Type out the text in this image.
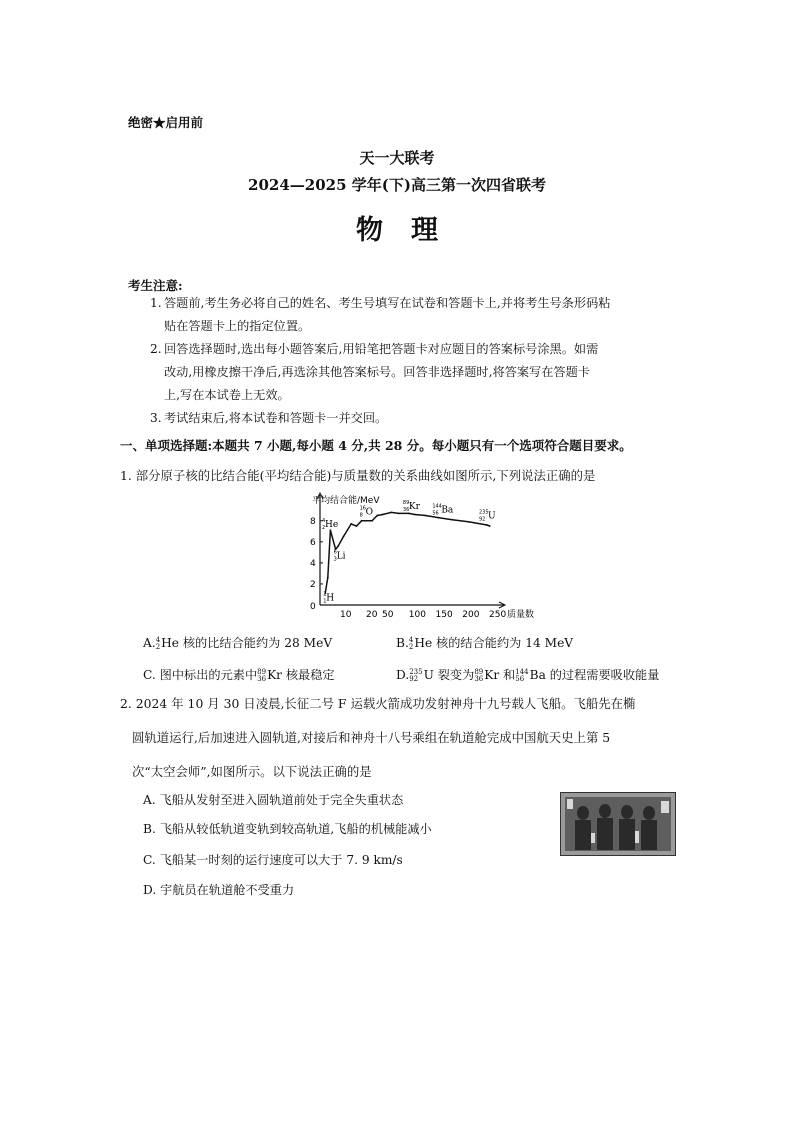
绝密★启用前
天一大联考
2024—2025 学年(下)高三第一次四省联考
物理
考生注意:
1. 答题前,考生务必将自己的姓名、考生号填写在试卷和答题卡上,并将考生号条形码粘
贴在答题卡上的指定位置。
2. 回答选择题时,选出每小题答案后,用铅笔把答题卡对应题目的答案标号涂黑。如需
改动,用橡皮擦干净后,再选涂其他答案标号。回答非选择题时,将答案写在答题卡
上,写在本试卷上无效。
3. 考试结束后,将本试卷和答题卡一并交回。
一、单项选择题:本题共 7 小题,每小题 4 分,共 28 分。每小题只有一个选项符合题目要求。
1. 部分原子核的比结合能(平均结合能)与质量数的关系曲线如图所示,下列说法正确的是
平均结合能/MeV
质量数
2
4
6
8
0
10 20 50 100 150 200 250
4
2 He
16
8 O
89
36 Kr 144
56 Ba	235
92 U
6
3 Li
2
1 H
A. 4
2 He 核的比结合能约为 28 MeV	B. 4
2 He 核的结合能约为 14 MeV
C. 图中标出的元素中 89
36 Kr 核最稳定	D. 235
92 U 裂变为 89
36 Kr 和 144
56 Ba 的过程需要吸收能量
2. 2024 年 10 月 30 日凌晨,长征二号 F 运载火箭成功发射神舟十九号载人飞船。飞船先在椭
圆轨道运行,后加速进入圆轨道,对接后和神舟十八号乘组在轨道舱完成中国航天史上第 5
次“太空会师”,如图所示。以下说法正确的是
A. 飞船从发射至进入圆轨道前处于完全失重状态
B. 飞船从较低轨道变轨到较高轨道,飞船的机械能减小
C. 飞船某一时刻的运行速度可以大于 7. 9 km/s
D. 宇航员在轨道舱不受重力
